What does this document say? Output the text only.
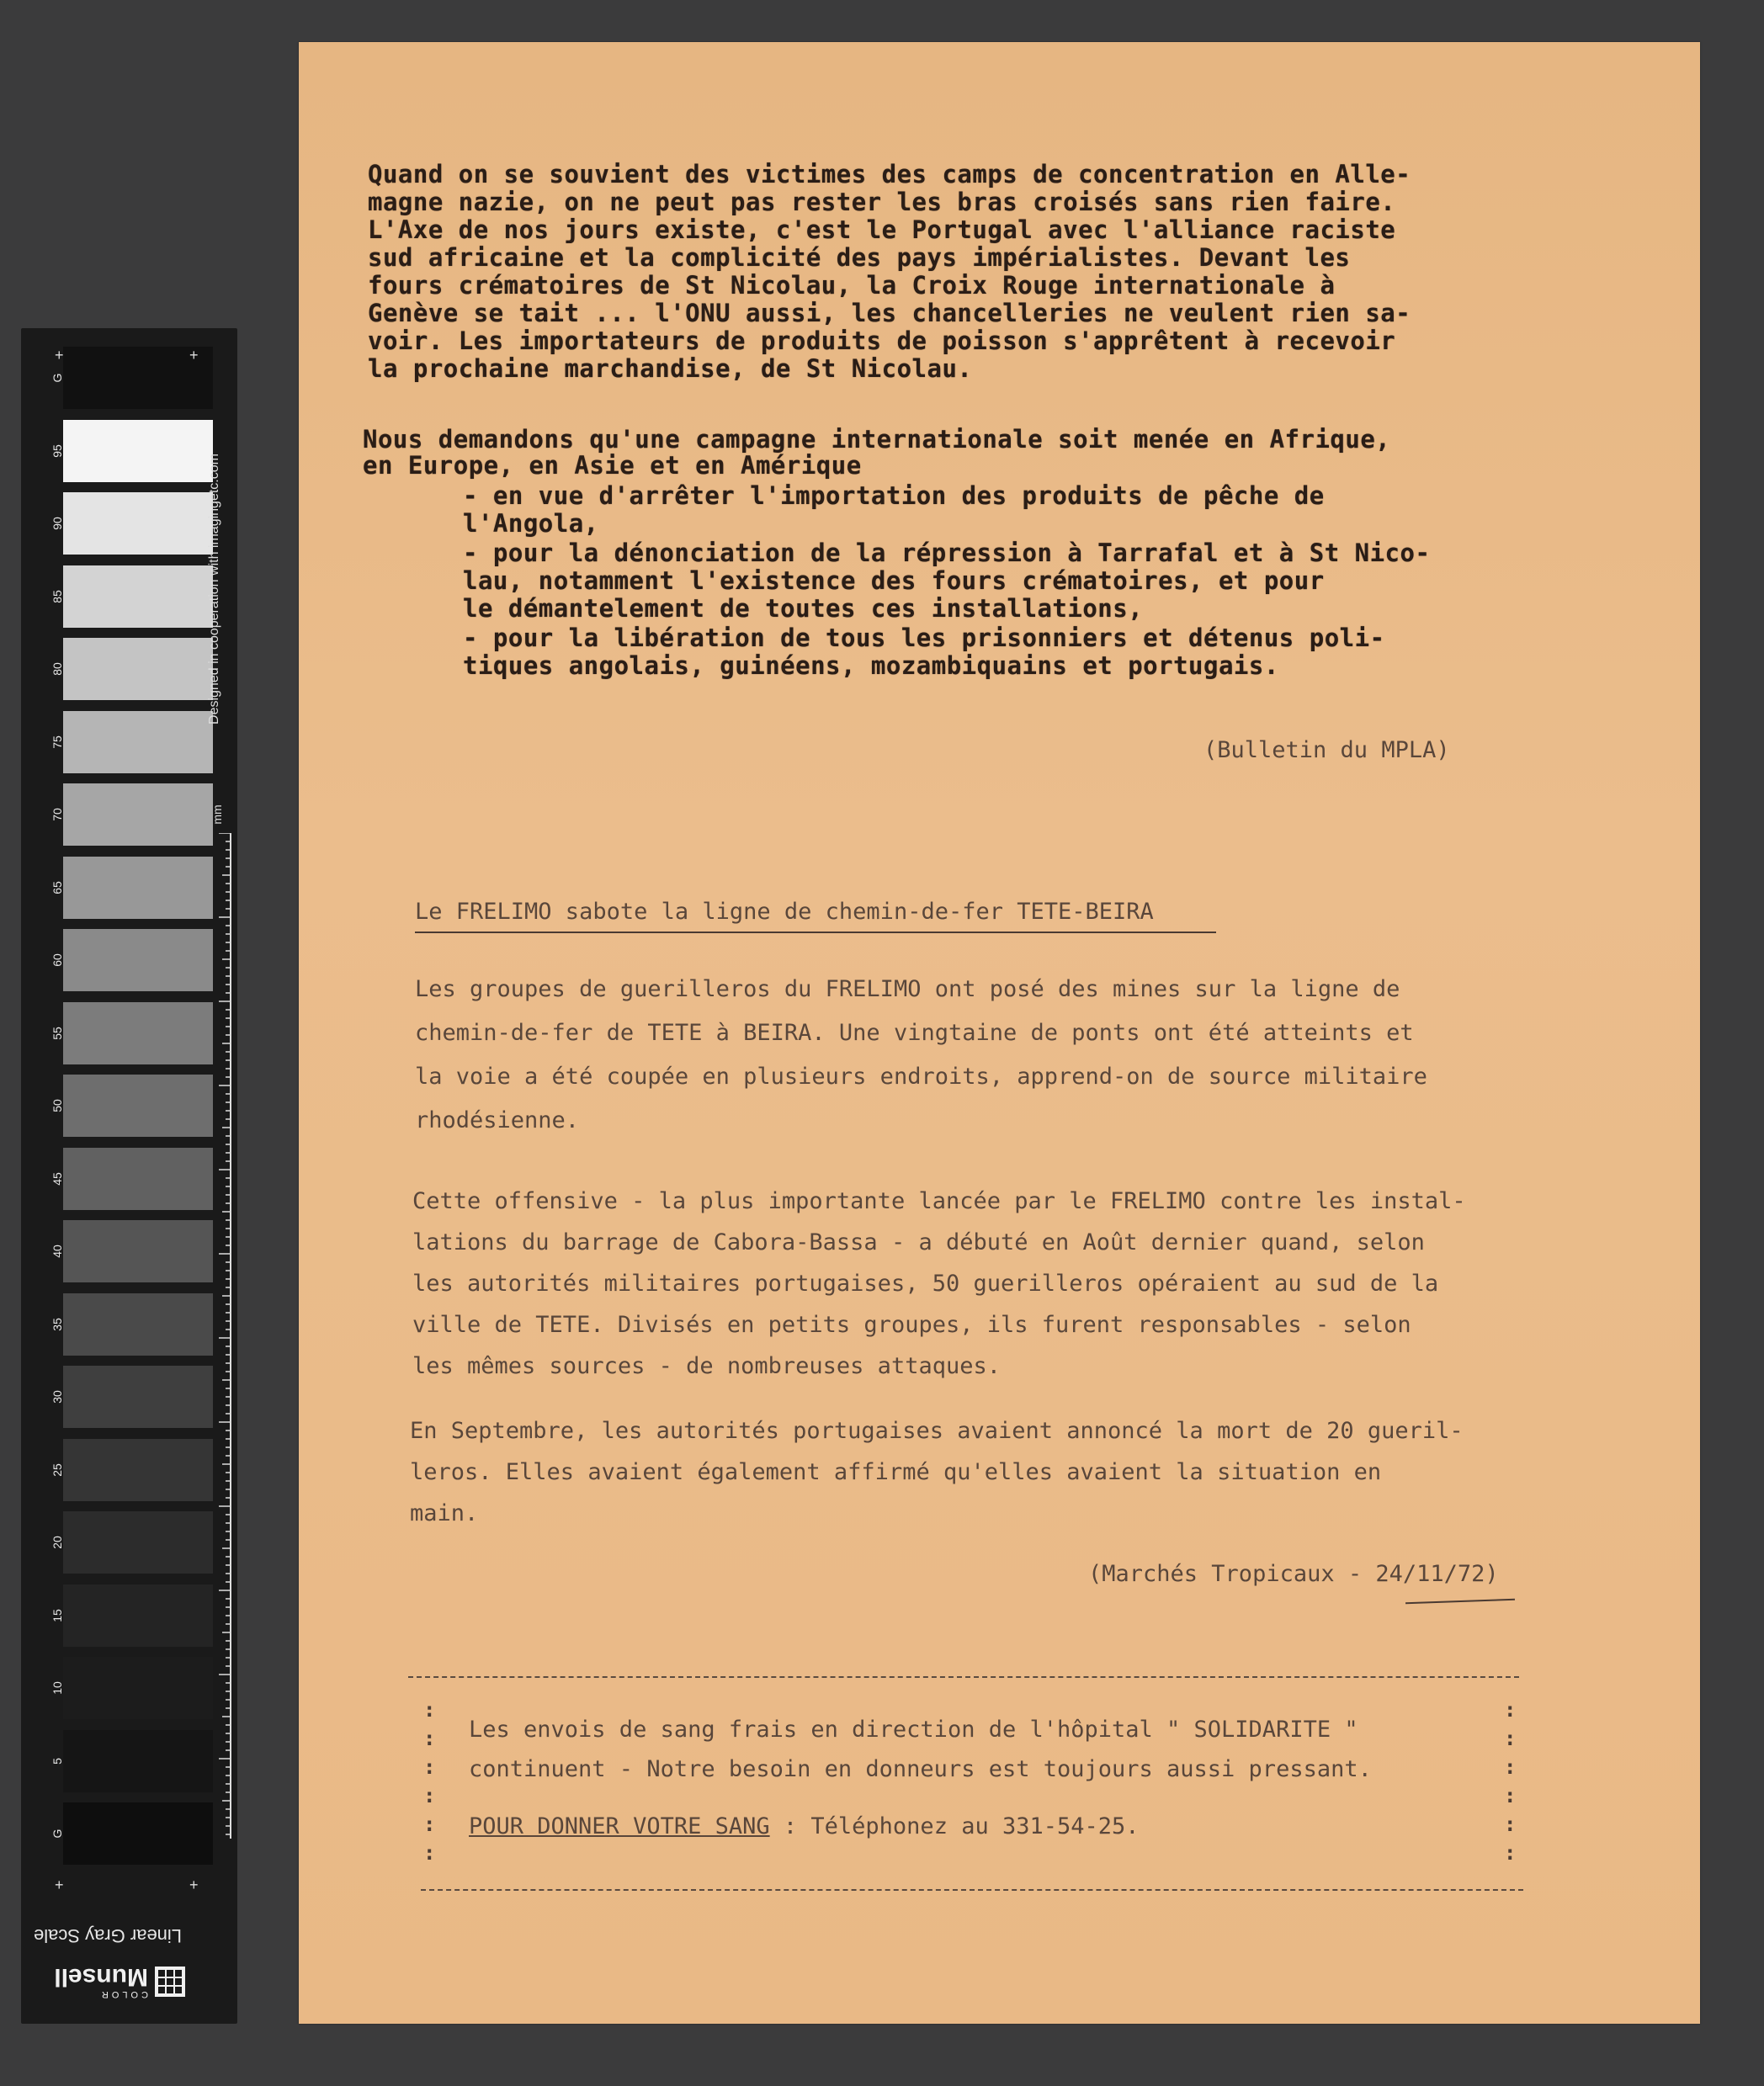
+	+
+	+
G
95
90
85
80
75
70
65
60
55
50
45
40
35
30
25
20
15
10
5
G
Designed in cooperation with imagingetc.com
mm
Linear Gray Scale
COLOR
Munsell
Quand on se souvient des victimes des camps de concentration en Alle-
magne nazie, on ne peut pas rester les bras croisés sans rien faire.
L'Axe de nos jours existe, c'est le Portugal avec l'alliance raciste
sud africaine et la complicité des pays impérialistes. Devant les
fours crématoires de St Nicolau, la Croix Rouge internationale à
Genève se tait ... l'ONU aussi, les chancelleries ne veulent rien sa-
voir. Les importateurs de produits de poisson s'apprêtent à recevoir
la prochaine marchandise, de St Nicolau.
Nous demandons qu'une campagne internationale soit menée en Afrique,
en Europe, en Asie et en Amérique
- en vue d'arrêter l'importation des produits de pêche de
l'Angola,
- pour la dénonciation de la répression à Tarrafal et à St Nico-
lau, notamment l'existence des fours crématoires, et pour
le démantelement de toutes ces installations,
- pour la libération de tous les prisonniers et détenus poli-
tiques angolais, guinéens, mozambiquains et portugais.
(Bulletin du MPLA)
Le FRELIMO sabote la ligne de chemin-de-fer TETE-BEIRA
Les groupes de guerilleros du FRELIMO ont posé des mines sur la ligne de
chemin-de-fer de TETE à BEIRA. Une vingtaine de ponts ont été atteints et
la voie a été coupée en plusieurs endroits, apprend-on de source militaire
rhodésienne.
Cette offensive - la plus importante lancée par le FRELIMO contre les instal-
lations du barrage de Cabora-Bassa - a débuté en Août dernier quand, selon
les autorités militaires portugaises, 50 guerilleros opéraient au sud de la
ville de TETE. Divisés en petits groupes, ils furent responsables - selon
les mêmes sources - de nombreuses attaques.
En Septembre, les autorités portugaises avaient annoncé la mort de 20 gueril-
leros. Elles avaient également affirmé qu'elles avaient la situation en
main.
(Marchés Tropicaux - 24/11/72)
:
:
:
:
:
:
:
:
:
:
:
:
Les envois de sang frais en direction de l'hôpital " SOLIDARITE "
continuent - Notre besoin en donneurs est toujours aussi pressant.
POUR DONNER VOTRE SANG : Téléphonez au 331-54-25.
